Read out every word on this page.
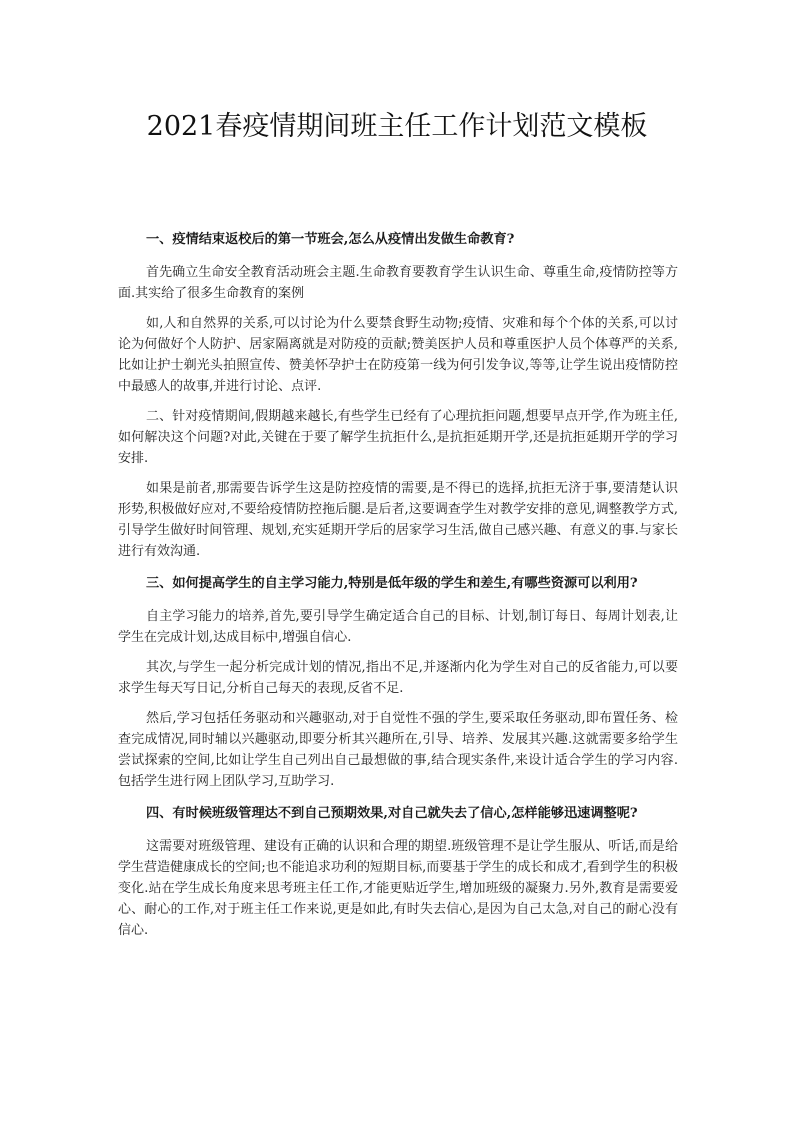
2021春疫情期间班主任工作计划范文模板

一、疫情结束返校后的第一节班会,怎么从疫情出发做生命教育?

首先确立生命安全教育活动班会主题.生命教育要教育学生认识生命、尊重生命,疫情防控等方面.其实给了很多生命教育的案例

如,人和自然界的关系,可以讨论为什么要禁食野生动物;疫情、灾难和每个个体的关系,可以讨论为何做好个人防护、居家隔离就是对防疫的贡献;赞美医护人员和尊重医护人员个体尊严的关系,比如让护士剃光头拍照宣传、赞美怀孕护士在防疫第一线为何引发争议,等等,让学生说出疫情防控中最感人的故事,并进行讨论、点评.

二、针对疫情期间,假期越来越长,有些学生已经有了心理抗拒问题,想要早点开学,作为班主任,如何解决这个问题?对此,关键在于要了解学生抗拒什么,是抗拒延期开学,还是抗拒延期开学的学习安排.

如果是前者,那需要告诉学生这是防控疫情的需要,是不得已的选择,抗拒无济于事,要清楚认识形势,积极做好应对,不要给疫情防控拖后腿.是后者,这要调查学生对教学安排的意见,调整教学方式,引导学生做好时间管理、规划,充实延期开学后的居家学习生活,做自己感兴趣、有意义的事.与家长进行有效沟通.

三、如何提高学生的自主学习能力,特别是低年级的学生和差生,有哪些资源可以利用?

自主学习能力的培养,首先,要引导学生确定适合自己的目标、计划,制订每日、每周计划表,让学生在完成计划,达成目标中,增强自信心.

其次,与学生一起分析完成计划的情况,指出不足,并逐渐内化为学生对自己的反省能力,可以要求学生每天写日记,分析自己每天的表现,反省不足.

然后,学习包括任务驱动和兴趣驱动,对于自觉性不强的学生,要采取任务驱动,即布置任务、检查完成情况,同时辅以兴趣驱动,即要分析其兴趣所在,引导、培养、发展其兴趣.这就需要多给学生尝试探索的空间,比如让学生自己列出自己最想做的事,结合现实条件,来设计适合学生的学习内容.包括学生进行网上团队学习,互助学习.

四、有时候班级管理达不到自己预期效果,对自己就失去了信心,怎样能够迅速调整呢?

这需要对班级管理、建设有正确的认识和合理的期望.班级管理不是让学生服从、听话,而是给学生营造健康成长的空间;也不能追求功利的短期目标,而要基于学生的成长和成才,看到学生的积极变化.站在学生成长角度来思考班主任工作,才能更贴近学生,增加班级的凝聚力.另外,教育是需要爱心、耐心的工作,对于班主任工作来说,更是如此,有时失去信心,是因为自己太急,对自己的耐心没有信心.
